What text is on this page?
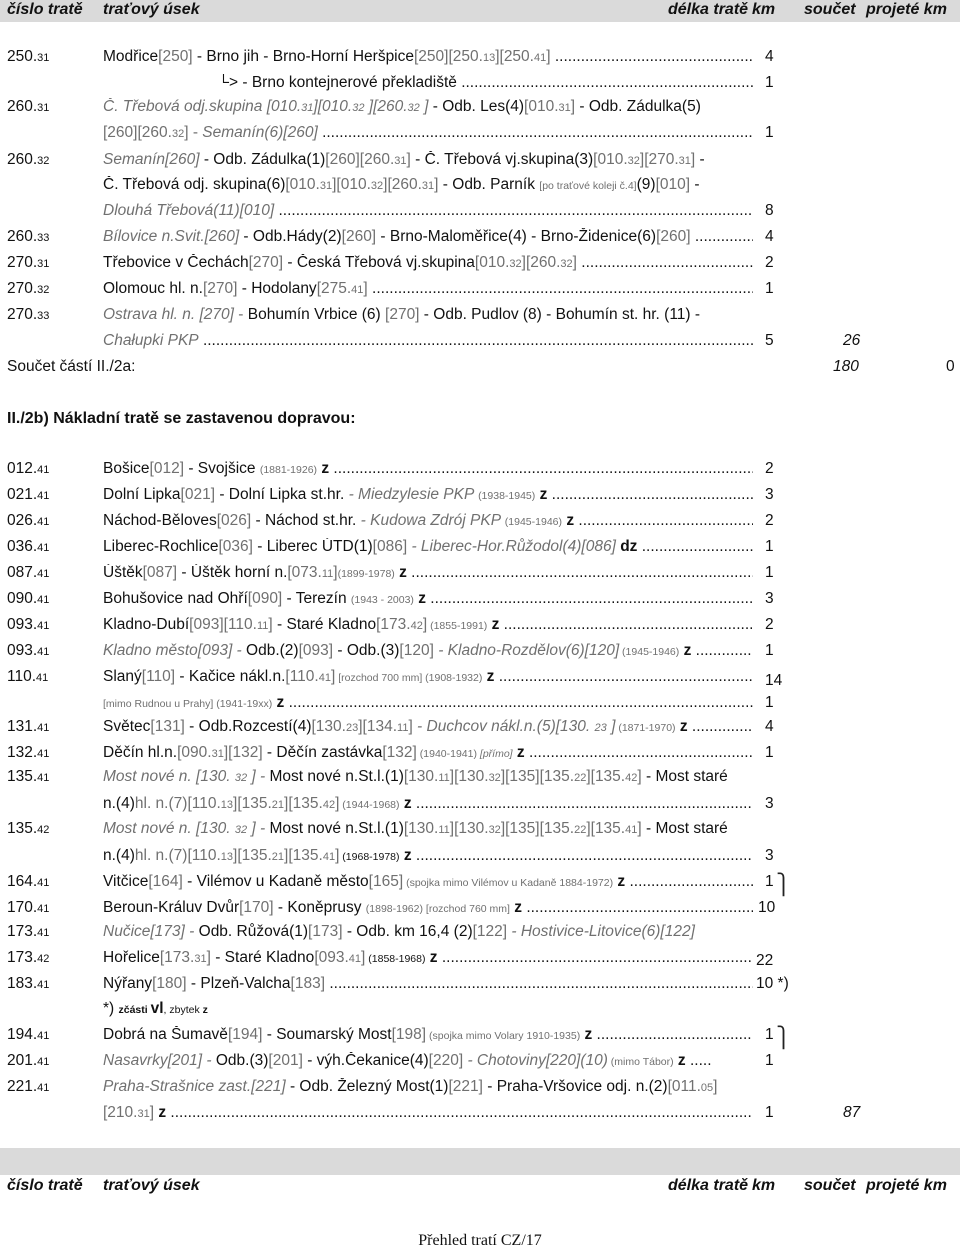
číslo tratě traťový úsek	délka tratě km součet projeté km
250.31	Modřice[250] - Brno jih - Brno-Horní Heršpice[250][250.13][250.41] .....	4
└> - Brno kontejnerové překladiště .....	1
260.31	Č. Třebová odj.skupina [010.31][010.32 ][260.32 ] - Odb. Les(4)[010.31] - Odb. Zádulka(5)
[260][260.32] - Semanín(6)[260] .....	1
260.32	Semanín[260] - Odb. Zádulka(1)[260][260.31] - Č. Třebová vj.skupina(3)[010.32][270.31] -
Č. Třebová odj. skupina(6)[010.31][010.32][260.31] - Odb. Parník [po traťové koleji č.4](9)[010] -
Dlouhá Třebová(11)[010] .....	8
260.33	Bílovice n.Svit.[260] - Odb.Hády(2)[260] - Brno-Maloměřice(4) - Brno-Židenice(6)[260] .....	4
270.31	Třebovice v Čechách[270] - Česká Třebová vj.skupina[010.32][260.32] .....	2
270.32	Olomouc hl. n.[270] - Hodolany[275.41] .....	1
270.33	Ostrava hl. n. [270] - Bohumín Vrbice (6) [270] - Odb. Pudlov (8) - Bohumín st. hr. (11) -
Chałupki PKP .....	5	26
Součet částí II./2a:	180	0
II./2b) Nákladní tratě se zastavenou dopravou:
012.41	Bošice[012] - Svojšice (1881-1926) z .....	2
021.41	Dolní Lipka[021] - Dolní Lipka st.hr. - Miedzylesie PKP (1938-1945) z .....	3
026.41	Náchod-Běloves[026] - Náchod st.hr. - Kudowa Zdrój PKP (1945-1946) z .....	2
036.41	Liberec-Rochlice[036] - Liberec ÚTD(1)[086] - Liberec-Hor.Růžodol(4)[086] dz .....	1
087.41	Úštěk[087] - Úštěk horní n.[073.11](1899-1978) z .....	1
090.41	Bohušovice nad Ohří[090] - Terezín (1943 - 2003) z .....	3
093.41	Kladno-Dubí[093][110.11] - Staré Kladno[173.42] (1855-1991) z .....	2
093.41	Kladno město[093] - Odb.(2)[093] - Odb.(3)[120] - Kladno-Rozdělov(6)[120] (1945-1946) z .....	1
110.41	Slaný[110] - Kačice nákl.n.[110.41] [rozchod 700 mm] (1908-1932) z .....	14
[mimo Rudnou u Prahy] (1941-19xx) z .....	1
131.41	Světec[131] - Odb.Rozcestí(4)[130.23][134.11] - Duchcov nákl.n.(5)[130. 23 ] (1871-1970) z .....	4
132.41	Děčín hl.n.[090.31][132] - Děčín zastávka[132] (1940-1941) [přímo] z .....	1
135.41	Most nové n. [130. 32 ] - Most nové n.St.l.(1)[130.11][130.32][135][135.22][135.42] - Most staré
n.(4)hl. n.(7)[110.13][135.21][135.42] (1944-1968) z .....	3
135.42	Most nové n. [130. 32 ] - Most nové n.St.l.(1)[130.11][130.32][135][135.22][135.41] - Most staré
n.(4)hl. n.(7)[110.13][135.21][135.41] (1968-1978) z .....	3
164.41	Vitčice[164] - Vilémov u Kadaně město[165] (spojka mimo Vilémov u Kadaně 1884-1972) z .....	1
170.41	Beroun-Králuv Dvůr[170] - Koněprusy (1898-1962) [rozchod 760 mm] z .....	10
⎫
173.41	Nučice[173] - Odb. Růžová(1)[173] - Odb. km 16,4 (2)[122] - Hostivice-Litovice(6)[122]
173.42	Hořelice[173.31] - Staré Kladno[093.41] (1858-1968) z .....	22
183.41	Nýřany[180] - Plzeň-Valcha[183] .....	10 *)
*) zčásti vl, zbytek z
194.41	Dobrá na Šumavě[194] - Soumarský Most[198] (spojka mimo Volary 1910-1935) z .....	1 ⎫
201.41	Nasavrky[201] - Odb.(3)[201] - výh.Čekanice(4)[220] - Chotoviny[220](10) (mimo Tábor) z .....	1
221.41	Praha-Strašnice zast.[221] - Odb. Železný Most(1)[221] - Praha-Vršovice odj. n.(2)[011.05]
[210.31] z .....	1	87
číslo tratě traťový úsek	délka tratě km součet projeté km
Přehled tratí CZ/17
